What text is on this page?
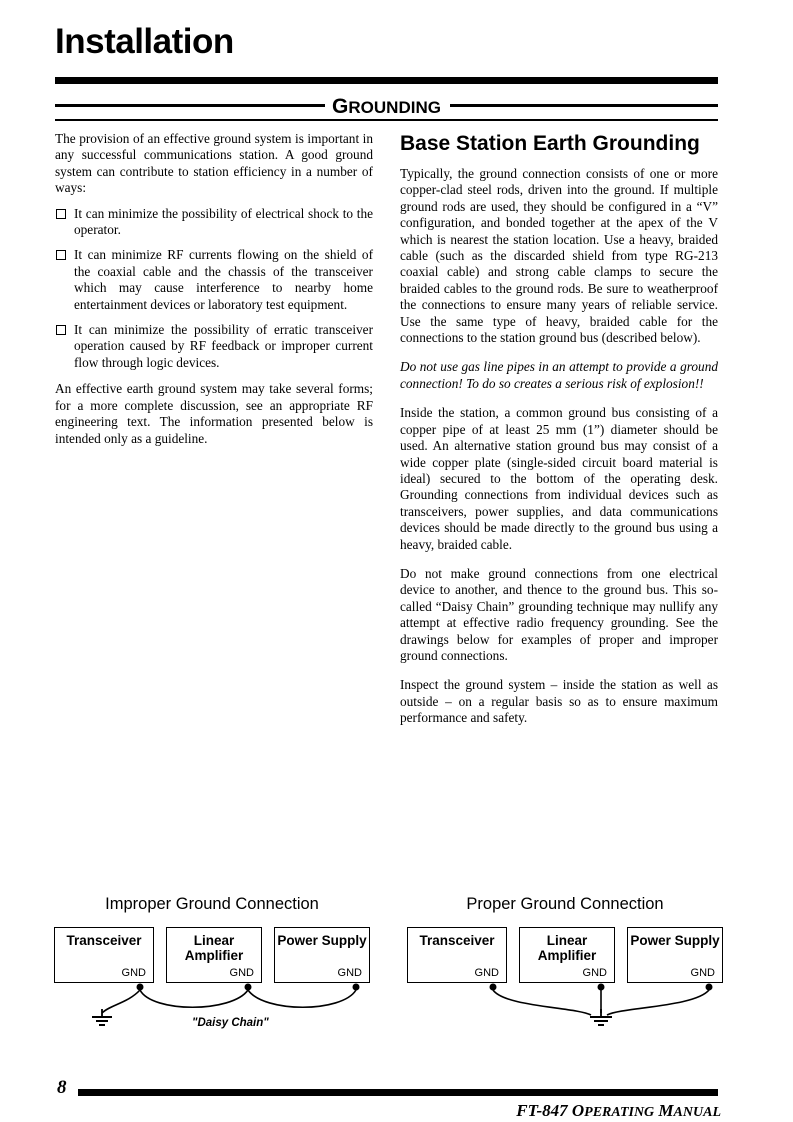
Installation
GROUNDING

The provision of an effective ground system is important in any successful communications station. A good ground system can contribute to station efficiency in a number of ways:

It can minimize the possibility of electrical shock to the operator.
It can minimize RF currents flowing on the shield of the coaxial cable and the chassis of the transceiver which may cause interference to nearby home entertainment devices or laboratory test equipment.
It can minimize the possibility of erratic transceiver operation caused by RF feedback or improper current flow through logic devices.

An effective earth ground system may take several forms; for a more complete discussion, see an appropriate RF engineering text. The information presented below is intended only as a guideline.

Base Station Earth Grounding

Typically, the ground connection consists of one or more copper-clad steel rods, driven into the ground. If multiple ground rods are used, they should be configured in a “V” configuration, and bonded together at the apex of the V which is nearest the station location. Use a heavy, braided cable (such as the discarded shield from type RG-213 coaxial cable) and strong cable clamps to secure the braided cables to the ground rods. Be sure to weatherproof the connections to ensure many years of reliable service. Use the same type of heavy, braided cable for the connections to the station ground bus (described below).

Do not use gas line pipes in an attempt to provide a ground connection! To do so creates a serious risk of explosion!!

Inside the station, a common ground bus consisting of a copper pipe of at least 25 mm (1”) diameter should be used. An alternative station ground bus may consist of a wide copper plate (single-sided circuit board material is ideal) secured to the bottom of the operating desk. Grounding connections from individual devices such as transceivers, power supplies, and data communications devices should be made directly to the ground bus using a heavy, braided cable.

Do not make ground connections from one electrical device to another, and thence to the ground bus. This so-called “Daisy Chain” grounding technique may nullify any attempt at effective radio frequency grounding. See the drawings below for examples of proper and improper ground connections.

Inspect the ground system – inside the station as well as outside – on a regular basis so as to ensure maximum performance and safety.

Improper Ground Connection
Transceiver
GND
Linear Amplifier
GND
Power Supply
GND
"Daisy Chain"
Proper Ground Connection
Transceiver
GND
Linear Amplifier
GND
Power Supply
GND
8
FT-847 OPERATING MANUAL
